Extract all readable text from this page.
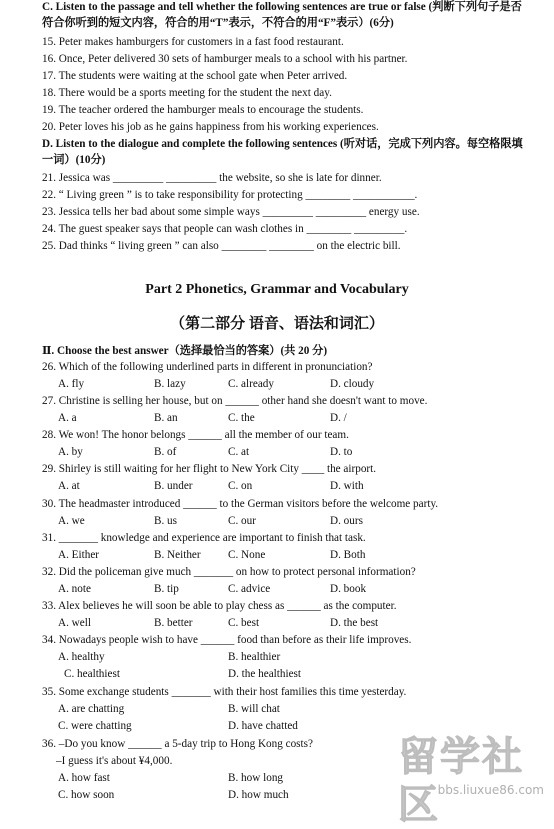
C. Listen to the passage and tell whether the following sentences are true or false (判断下列句子是否
符合你听到的短文内容，符合的用“T”表示，不符合的用“F”表示）(6分)
15. Peter makes hamburgers for customers in a fast food restaurant.
16. Once, Peter delivered 30 sets of hamburger meals to a school with his partner.
17. The students were waiting at the school gate when Peter arrived.
18. There would be a sports meeting for the student the next day.
19. The teacher ordered the hamburger meals to encourage the students.
20. Peter loves his job as he gains happiness from his working experiences.
D. Listen to the dialogue and complete the following sentences (听对话，完成下列内容。每空格限填
一词）(10分)
21. Jessica was _________ _________ the website, so she is late for dinner.
22. “ Living green ” is to take responsibility for protecting ________ ___________.
23. Jessica tells her bad about some simple ways _________ _________ energy use.
24. The guest speaker says that people can wash clothes in ________ _________.
25. Dad thinks “ living green ” can also ________ ________ on the electric bill.
Part 2 Phonetics, Grammar and Vocabulary
（第二部分 语音、语法和词汇）
Ⅱ. Choose the best answer（选择最恰当的答案）(共 20 分)
26. Which of the following underlined parts in different in pronunciation?
A. fly	B. lazy	C. already	D. cloudy
27. Christine is selling her house, but on ______ other hand she doesn't want to move.
A. a	B. an	C. the	D. /
28. We won! The honor belongs ______ all the member of our team.
A. by	B. of	C. at	D. to
29. Shirley is still waiting for her flight to New York City ____ the airport.
A. at	B. under	C. on	D. with
30. The headmaster introduced ______ to the German visitors before the welcome party.
A. we	B. us	C. our	D. ours
31. _______ knowledge and experience are important to finish that task.
A. Either	B. Neither C. None	D. Both
32. Did the policeman give much _______ on how to protect personal information?
A. note	B. tip	C. advice	D. book
33. Alex believes he will soon be able to play chess as ______ as the computer.
A. well	B. better	C. best	D. the best
34. Nowadays people wish to have ______ food than before as their life improves.
A. healthy	B. healthier
C. healthiest	D. the healthiest
35. Some exchange students _______ with their host families this time yesterday.
A. are chatting	B. will chat
C. were chatting	D. have chatted
36. –Do you know ______ a 5-day trip to Hong Kong costs?
–I guess it's about ¥4,000.
A. how fast	B. how long
C. how soon	D. how much
留学社区
bbs.liuxue86.com
